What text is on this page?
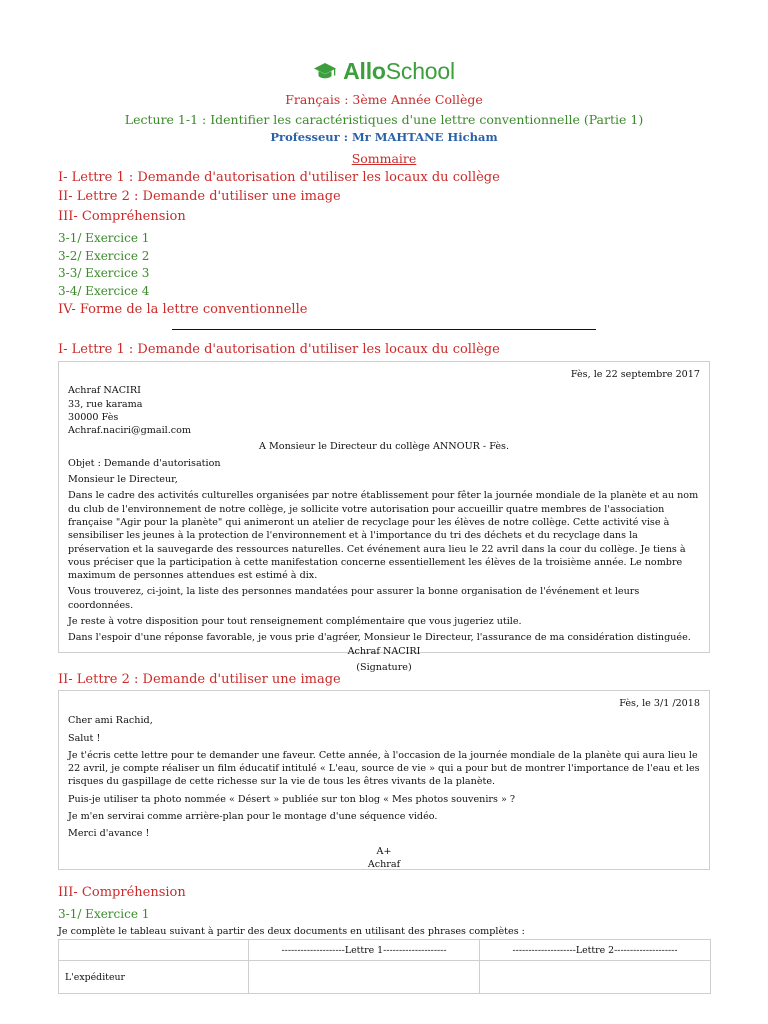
AlloSchool
Français : 3ème Année Collège
Lecture 1-1 : Identifier les caractéristiques d'une lettre conventionnelle (Partie 1)
Professeur : Mr MAHTANE Hicham
Sommaire
I- Lettre 1 : Demande d'autorisation d'utiliser les locaux du collège
II- Lettre 2 : Demande d'utiliser une image
III- Compréhension
3-1/ Exercice 1
3-2/ Exercice 2
3-3/ Exercice 3
3-4/ Exercice 4
IV- Forme de la lettre conventionnelle
I- Lettre 1 : Demande d'autorisation d'utiliser les locaux du collège

Fès, le 22 septembre 2017

Achraf NACIRI

33, rue karama

30000 Fès

Achraf.naciri@gmail.com

A Monsieur le Directeur du collège ANNOUR - Fès.

Objet : Demande d'autorisation

Monsieur le Directeur,

Dans le cadre des activités culturelles organisées par notre établissement pour fêter la journée mondiale de la planète et au nom du club de l'environnement de notre collège, je sollicite votre autorisation pour accueillir quatre membres de l'association française "Agir pour la planète" qui animeront un atelier de recyclage pour les élèves de notre collège. Cette activité vise à sensibiliser les jeunes à la protection de l'environnement et à l'importance du tri des déchets et du recyclage dans la préservation et la sauvegarde des ressources naturelles. Cet événement aura lieu le 22 avril dans la cour du collège. Je tiens à vous préciser que la participation à cette manifestation concerne essentiellement les élèves de la troisième année. Le nombre maximum de personnes attendues est estimé à dix.

Vous trouverez, ci-joint, la liste des personnes mandatées pour assurer la bonne organisation de l'événement et leurs coordonnées.

Je reste à votre disposition pour tout renseignement complémentaire que vous jugeriez utile.

Dans l'espoir d'une réponse favorable, je vous prie d'agréer, Monsieur le Directeur, l'assurance de ma considération distinguée.

Achraf NACIRI

(Signature)

II- Lettre 2 : Demande d'utiliser une image

Fès, le 3/1 /2018

Cher ami Rachid,

Salut !

Je t'écris cette lettre pour te demander une faveur. Cette année, à l'occasion de la journée mondiale de la planète qui aura lieu le 22 avril, je compte réaliser un film éducatif intitulé « L'eau, source de vie » qui a pour but de montrer l'importance de l'eau et les risques du gaspillage de cette richesse sur la vie de tous les êtres vivants de la planète.

Puis-je utiliser ta photo nommée « Désert » publiée sur ton blog « Mes photos souvenirs » ?

Je m'en servirai comme arrière-plan pour le montage d'une séquence vidéo.

Merci d'avance !

A+

Achraf

III- Compréhension
3-1/ Exercice 1
Je complète le tableau suivant à partir des deux documents en utilisant des phrases complètes :
	--------------------Lettre 1--------------------	--------------------Lettre 2--------------------
L'expéditeur		
